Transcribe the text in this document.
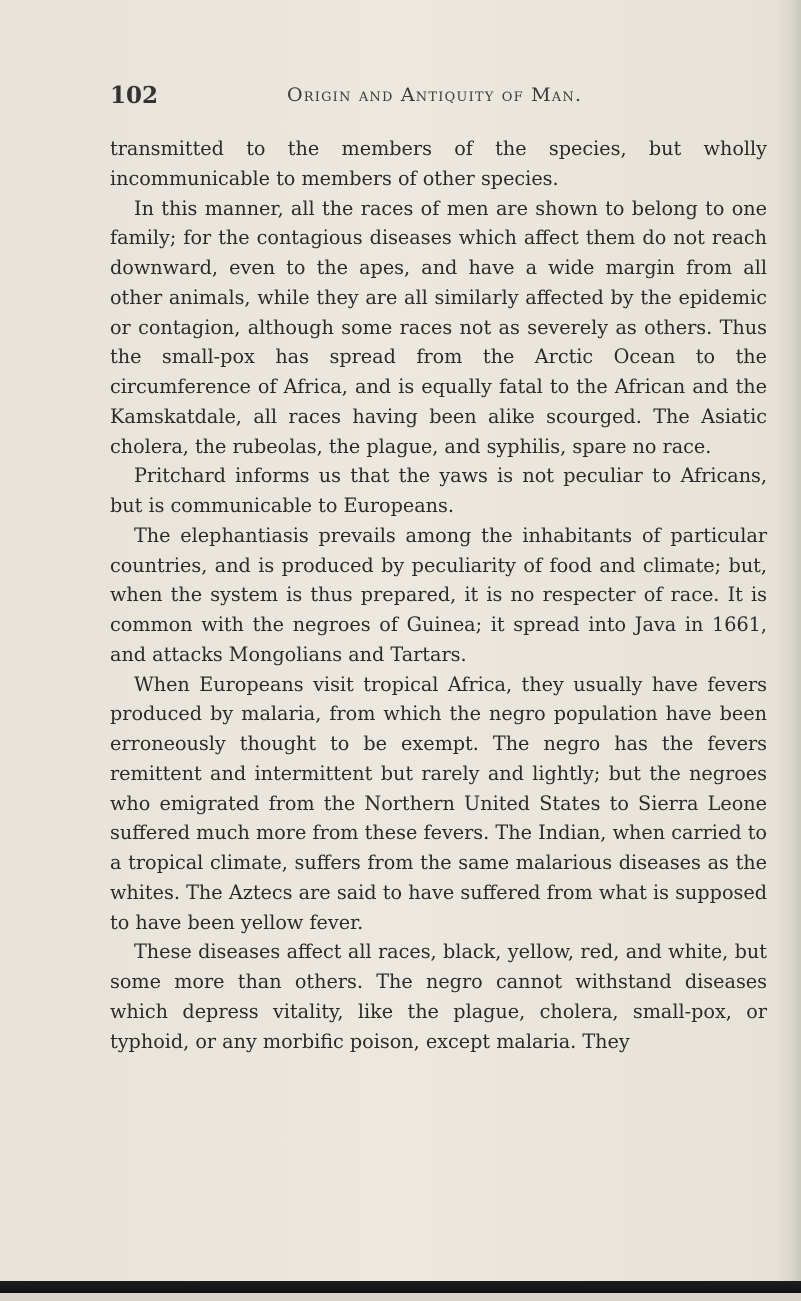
102	Origin and Antiquity of Man.

transmitted to the members of the species, but wholly incommunicable to members of other species.

In this manner, all the races of men are shown to belong to one family; for the contagious diseases which affect them do not reach downward, even to the apes, and have a wide margin from all other animals, while they are all similarly affected by the epidemic or contagion, although some races not as severely as others. Thus the small-pox has spread from the Arctic Ocean to the circumference of Africa, and is equally fatal to the African and the Kamskatdale, all races having been alike scourged. The Asiatic cholera, the rubeolas, the plague, and syphilis, spare no race.

Pritchard informs us that the yaws is not peculiar to Africans, but is communicable to Europeans.

The elephantiasis prevails among the inhabitants of particular countries, and is produced by peculiarity of food and climate; but, when the system is thus prepared, it is no respecter of race. It is common with the negroes of Guinea; it spread into Java in 1661, and attacks Mongolians and Tartars.

When Europeans visit tropical Africa, they usually have fevers produced by malaria, from which the negro population have been erroneously thought to be exempt. The negro has the fevers remittent and intermittent but rarely and lightly; but the negroes who emigrated from the Northern United States to Sierra Leone suffered much more from these fevers. The Indian, when carried to a tropical climate, suffers from the same malarious diseases as the whites. The Aztecs are said to have suffered from what is supposed to have been yellow fever.

These diseases affect all races, black, yellow, red, and white, but some more than others. The negro cannot withstand diseases which depress vitality, like the plague, cholera, small-pox, or typhoid, or any morbific poison, except malaria. They
